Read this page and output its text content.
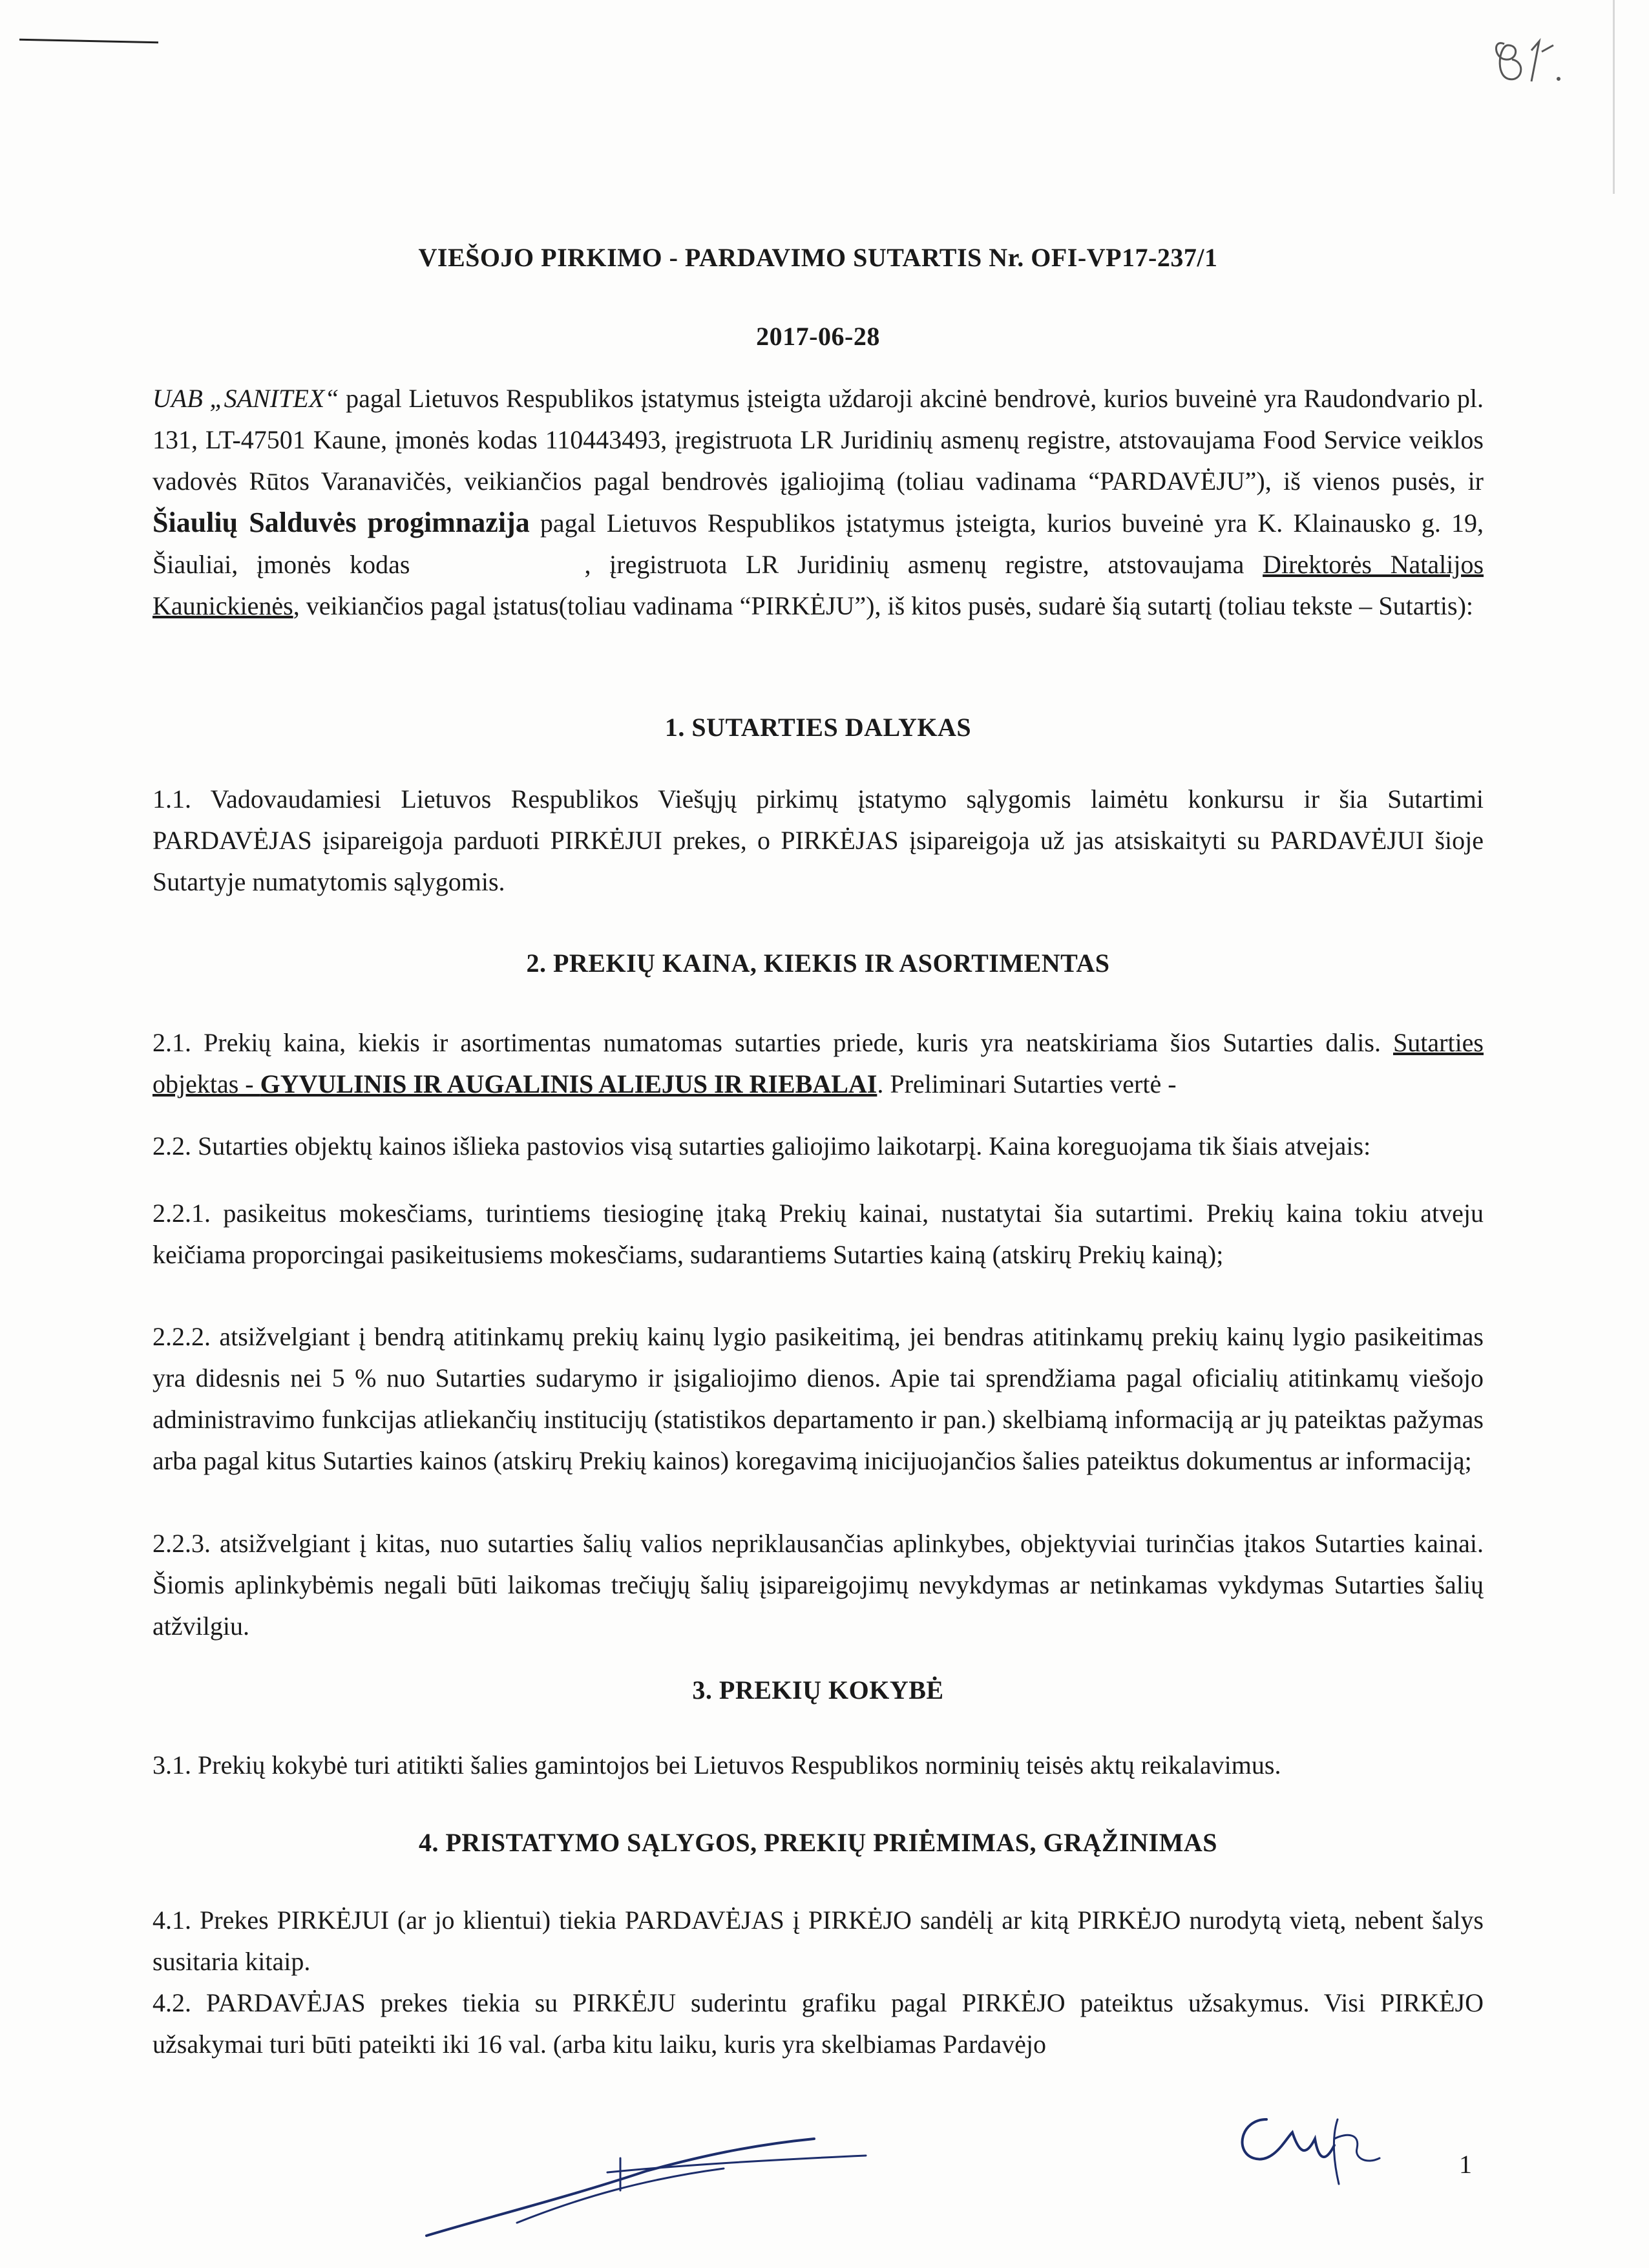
VIEŠOJO PIRKIMO - PARDAVIMO SUTARTIS Nr. OFI-VP17-237/1
2017-06-28
UAB „SANITEX“ pagal Lietuvos Respublikos įstatymus įsteigta uždaroji akcinė bendrovė, kurios buveinė yra Raudondvario pl. 131, LT-47501 Kaune, įmonės kodas 110443493, įregistruota LR Juridinių asmenų registre, atstovaujama Food Service veiklos vadovės Rūtos Varanavičės, veikiančios pagal bendrovės įgaliojimą (toliau vadinama “PARDAVĖJU”), iš vienos pusės, ir Šiaulių Salduvės progimnazija pagal Lietuvos Respublikos įstatymus įsteigta, kurios buveinė yra K. Klainausko g. 19, Šiauliai, įmonės kodas	, įregistruota LR Juridinių asmenų registre, atstovaujama Direktorės Natalijos Kaunickienės, veikiančios pagal įstatus(toliau vadinama “PIRKĖJU”), iš kitos pusės, sudarė šią sutartį (toliau tekste – Sutartis):
1. SUTARTIES DALYKAS
1.1. Vadovaudamiesi Lietuvos Respublikos Viešųjų pirkimų įstatymo sąlygomis laimėtu konkursu ir šia Sutartimi PARDAVĖJAS įsipareigoja parduoti PIRKĖJUI prekes, o PIRKĖJAS įsipareigoja už jas atsiskaityti su PARDAVĖJUI šioje Sutartyje numatytomis sąlygomis.
2. PREKIŲ KAINA, KIEKIS IR ASORTIMENTAS
2.1. Prekių kaina, kiekis ir asortimentas numatomas sutarties priede, kuris yra neatskiriama šios Sutarties dalis. Sutarties objektas - GYVULINIS IR AUGALINIS ALIEJUS IR RIEBALAI. Preliminari Sutarties vertė -
2.2. Sutarties objektų kainos išlieka pastovios visą sutarties galiojimo laikotarpį. Kaina koreguojama tik šiais atvejais:
2.2.1. pasikeitus mokesčiams, turintiems tiesioginę įtaką Prekių kainai, nustatytai šia sutartimi. Prekių kaina tokiu atveju keičiama proporcingai pasikeitusiems mokesčiams, sudarantiems Sutarties kainą (atskirų Prekių kainą);
2.2.2. atsižvelgiant į bendrą atitinkamų prekių kainų lygio pasikeitimą, jei bendras atitinkamų prekių kainų lygio pasikeitimas yra didesnis nei 5 % nuo Sutarties sudarymo ir įsigaliojimo dienos. Apie tai sprendžiama pagal oficialių atitinkamų viešojo administravimo funkcijas atliekančių institucijų (statistikos departamento ir pan.) skelbiamą informaciją ar jų pateiktas pažymas arba pagal kitus Sutarties kainos (atskirų Prekių kainos) koregavimą inicijuojančios šalies pateiktus dokumentus ar informaciją;
2.2.3. atsižvelgiant į kitas, nuo sutarties šalių valios nepriklausančias aplinkybes, objektyviai turinčias įtakos Sutarties kainai. Šiomis aplinkybėmis negali būti laikomas trečiųjų šalių įsipareigojimų nevykdymas ar netinkamas vykdymas Sutarties šalių atžvilgiu.
3. PREKIŲ KOKYBĖ
3.1. Prekių kokybė turi atitikti šalies gamintojos bei Lietuvos Respublikos norminių teisės aktų reikalavimus.
4. PRISTATYMO SĄLYGOS, PREKIŲ PRIĖMIMAS, GRĄŽINIMAS
4.1. Prekes PIRKĖJUI (ar jo klientui) tiekia PARDAVĖJAS į PIRKĖJO sandėlį ar kitą PIRKĖJO nurodytą vietą, nebent šalys susitaria kitaip.
4.2. PARDAVĖJAS prekes tiekia su PIRKĖJU suderintu grafiku pagal PIRKĖJO pateiktus užsakymus. Visi PIRKĖJO užsakymai turi būti pateikti iki 16 val. (arba kitu laiku, kuris yra skelbiamas Pardavėjo
1
